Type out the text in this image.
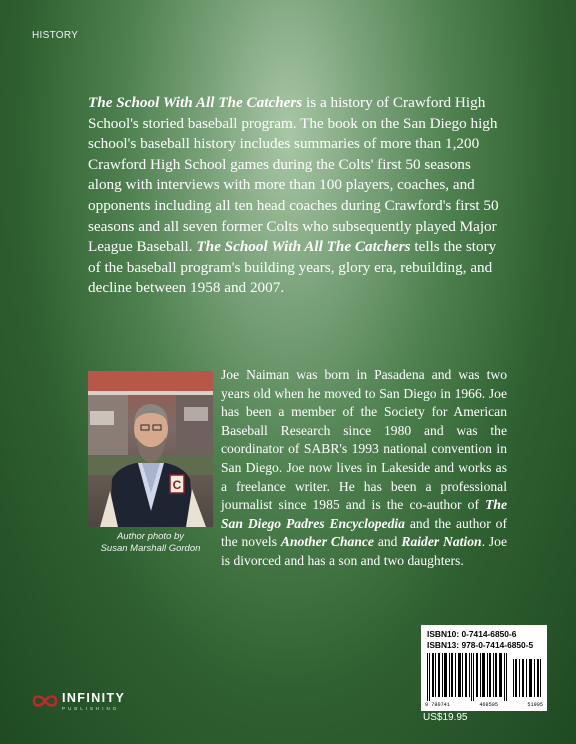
HISTORY
The School With All The Catchers is a history of Crawford High School's storied baseball program. The book on the San Diego high school's baseball history includes summaries of more than 1,200 Crawford High School games during the Colts' first 50 seasons along with interviews with more than 100 players, coaches, and opponents including all ten head coaches during Crawford's first 50 seasons and all seven former Colts who subsequently played Major League Baseball. The School With All The Catchers tells the story of the baseball program's building years, glory era, rebuilding, and decline between 1958 and 2007.
C
Author photo by
Susan Marshall Gordon
Joe Naiman was born in Pasadena and was two years old when he moved to San Diego in 1966. Joe has been a member of the Society for American Baseball Research since 1980 and was the coordinator of SABR's 1993 national convention in San Diego. Joe now lives in Lakeside and works as a freelance writer. He has been a professional journalist since 1985 and is the co-author of The San Diego Padres Encyclopedia and the author of the novels Another Chance and Raider Nation. Joe is divorced and has a son and two daughters.
ISBN10: 0-7414-6850-6
ISBN13: 978-0-7414-6850-5
9 780741	468505	51995
US$19.95
INFINITY
PUBLISHING
